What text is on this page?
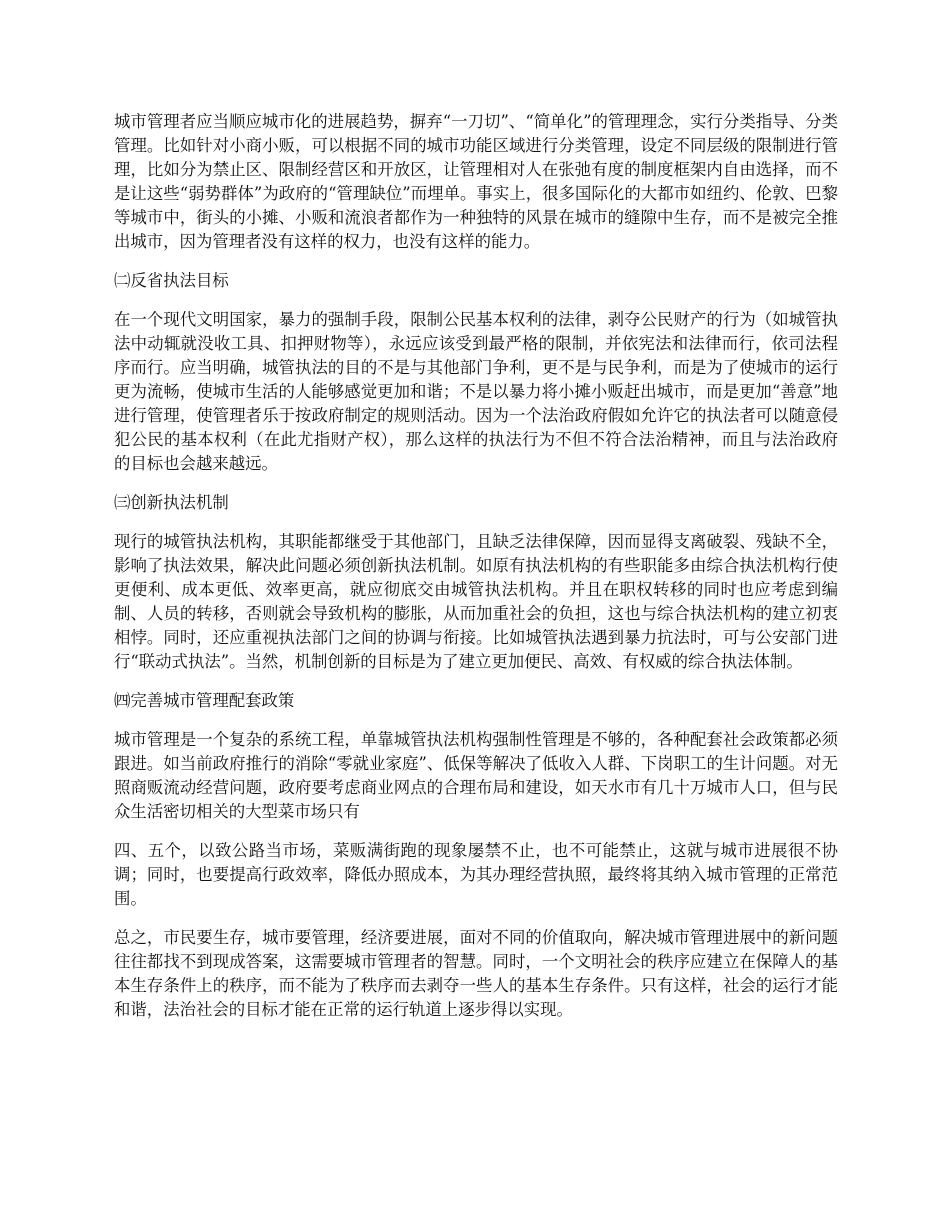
城市管理者应当顺应城市化的进展趋势，摒弃“一刀切”、“简单化”的管理理念，实行分类指导、分类管理。比如针对小商小贩，可以根据不同的城市功能区域进行分类管理，设定不同层级的限制进行管理，比如分为禁止区、限制经营区和开放区，让管理相对人在张弛有度的制度框架内自由选择，而不是让这些“弱势群体”为政府的“管理缺位”而埋单。事实上，很多国际化的大都市如纽约、伦敦、巴黎等城市中，街头的小摊、小贩和流浪者都作为一种独特的风景在城市的缝隙中生存，而不是被完全推出城市，因为管理者没有这样的权力，也没有这样的能力。

㈡反省执法目标

在一个现代文明国家，暴力的强制手段，限制公民基本权利的法律，剥夺公民财产的行为（如城管执法中动辄就没收工具、扣押财物等），永远应该受到最严格的限制，并依宪法和法律而行，依司法程序而行。应当明确，城管执法的目的不是与其他部门争利，更不是与民争利，而是为了使城市的运行更为流畅，使城市生活的人能够感觉更加和谐；不是以暴力将小摊小贩赶出城市，而是更加“善意”地进行管理，使管理者乐于按政府制定的规则活动。因为一个法治政府假如允许它的执法者可以随意侵犯公民的基本权利（在此尤指财产权），那么这样的执法行为不但不符合法治精神，而且与法治政府的目标也会越来越远。

㈢创新执法机制

现行的城管执法机构，其职能都继受于其他部门，且缺乏法律保障，因而显得支离破裂、残缺不全，影响了执法效果，解决此问题必须创新执法机制。如原有执法机构的有些职能多由综合执法机构行使更便利、成本更低、效率更高，就应彻底交由城管执法机构。并且在职权转移的同时也应考虑到编制、人员的转移，否则就会导致机构的膨胀，从而加重社会的负担，这也与综合执法机构的建立初衷相悖。同时，还应重视执法部门之间的协调与衔接。比如城管执法遇到暴力抗法时，可与公安部门进行“联动式执法”。当然，机制创新的目标是为了建立更加便民、高效、有权威的综合执法体制。

㈣完善城市管理配套政策

城市管理是一个复杂的系统工程，单靠城管执法机构强制性管理是不够的，各种配套社会政策都必须跟进。如当前政府推行的消除“零就业家庭”、低保等解决了低收入人群、下岗职工的生计问题。对无照商贩流动经营问题，政府要考虑商业网点的合理布局和建设，如天水市有几十万城市人口，但与民众生活密切相关的大型菜市场只有

四、五个，以致公路当市场，菜贩满街跑的现象屡禁不止，也不可能禁止，这就与城市进展很不协调；同时，也要提高行政效率，降低办照成本，为其办理经营执照，最终将其纳入城市管理的正常范围。

总之，市民要生存，城市要管理，经济要进展，面对不同的价值取向，解决城市管理进展中的新问题往往都找不到现成答案，这需要城市管理者的智慧。同时，一个文明社会的秩序应建立在保障人的基本生存条件上的秩序，而不能为了秩序而去剥夺一些人的基本生存条件。只有这样，社会的运行才能和谐，法治社会的目标才能在正常的运行轨道上逐步得以实现。
